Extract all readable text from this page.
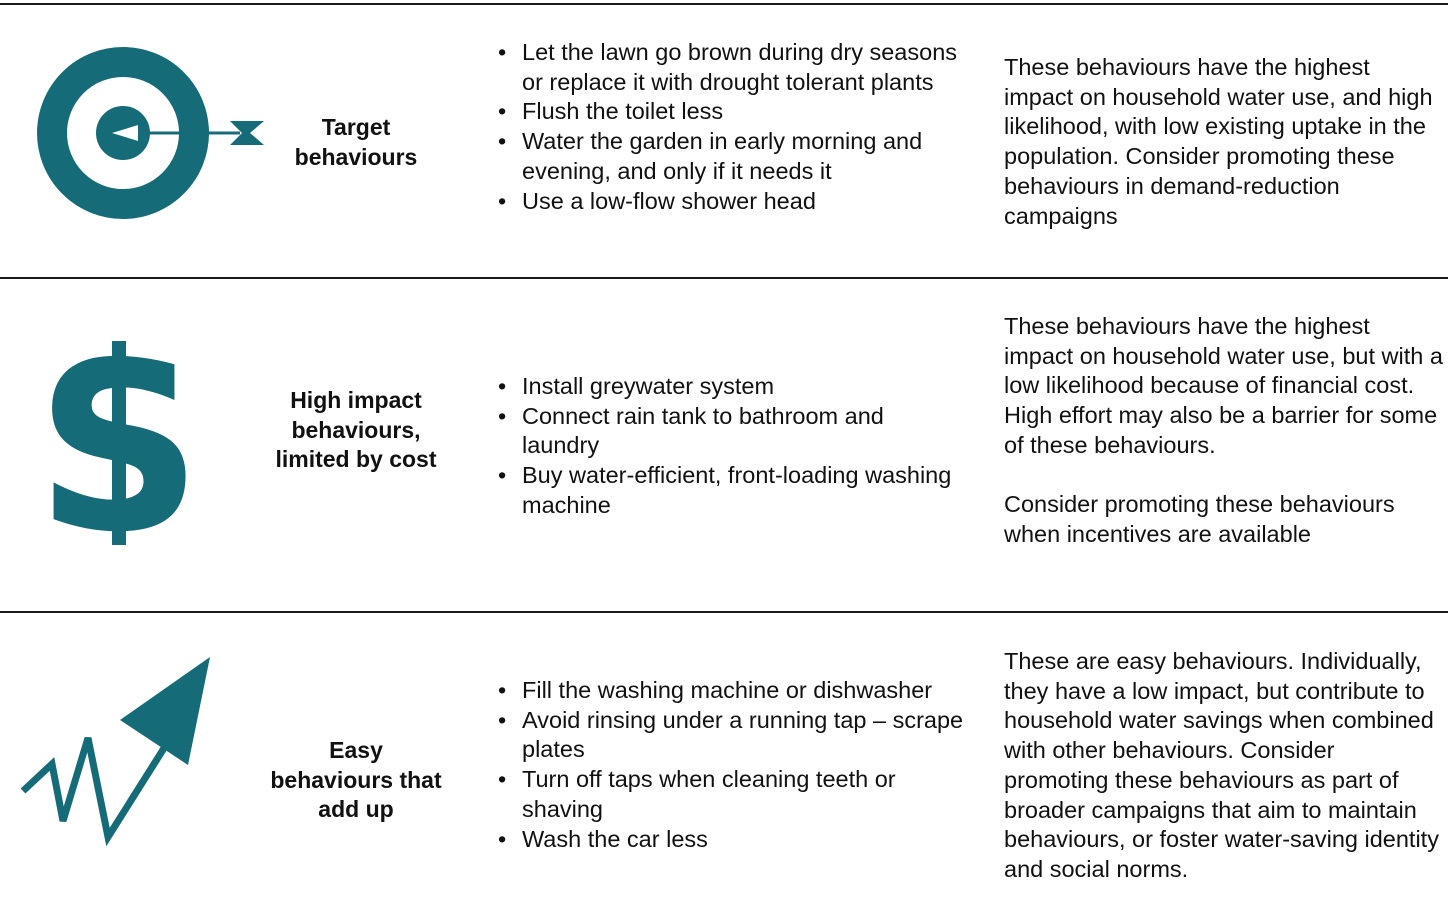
Target behaviours
• Let the lawn go brown during dry seasons or replace it with drought tolerant plants
• Flush the toilet less
• Water the garden in early morning and evening, and only if it needs it
• Use a low-flow shower head

These behaviours have the highest impact on household water use, and high likelihood, with low existing uptake in the population. Consider promoting these behaviours in demand-reduction campaigns

S	High impact behaviours, limited by cost
• Install greywater system
• Connect rain tank to bathroom and laundry
• Buy water-efficient, front-loading washing machine

These behaviours have the highest impact on household water use, but with a low likelihood because of financial cost. High effort may also be a barrier for some of these behaviours.

Consider promoting these behaviours when incentives are available

Easy behaviours that add up
• Fill the washing machine or dishwasher
• Avoid rinsing under a running tap – scrape plates
• Turn off taps when cleaning teeth or shaving
• Wash the car less

These are easy behaviours. Individually, they have a low impact, but contribute to household water savings when combined with other behaviours. Consider promoting these behaviours as part of broader campaigns that aim to maintain behaviours, or foster water-saving identity and social norms.
